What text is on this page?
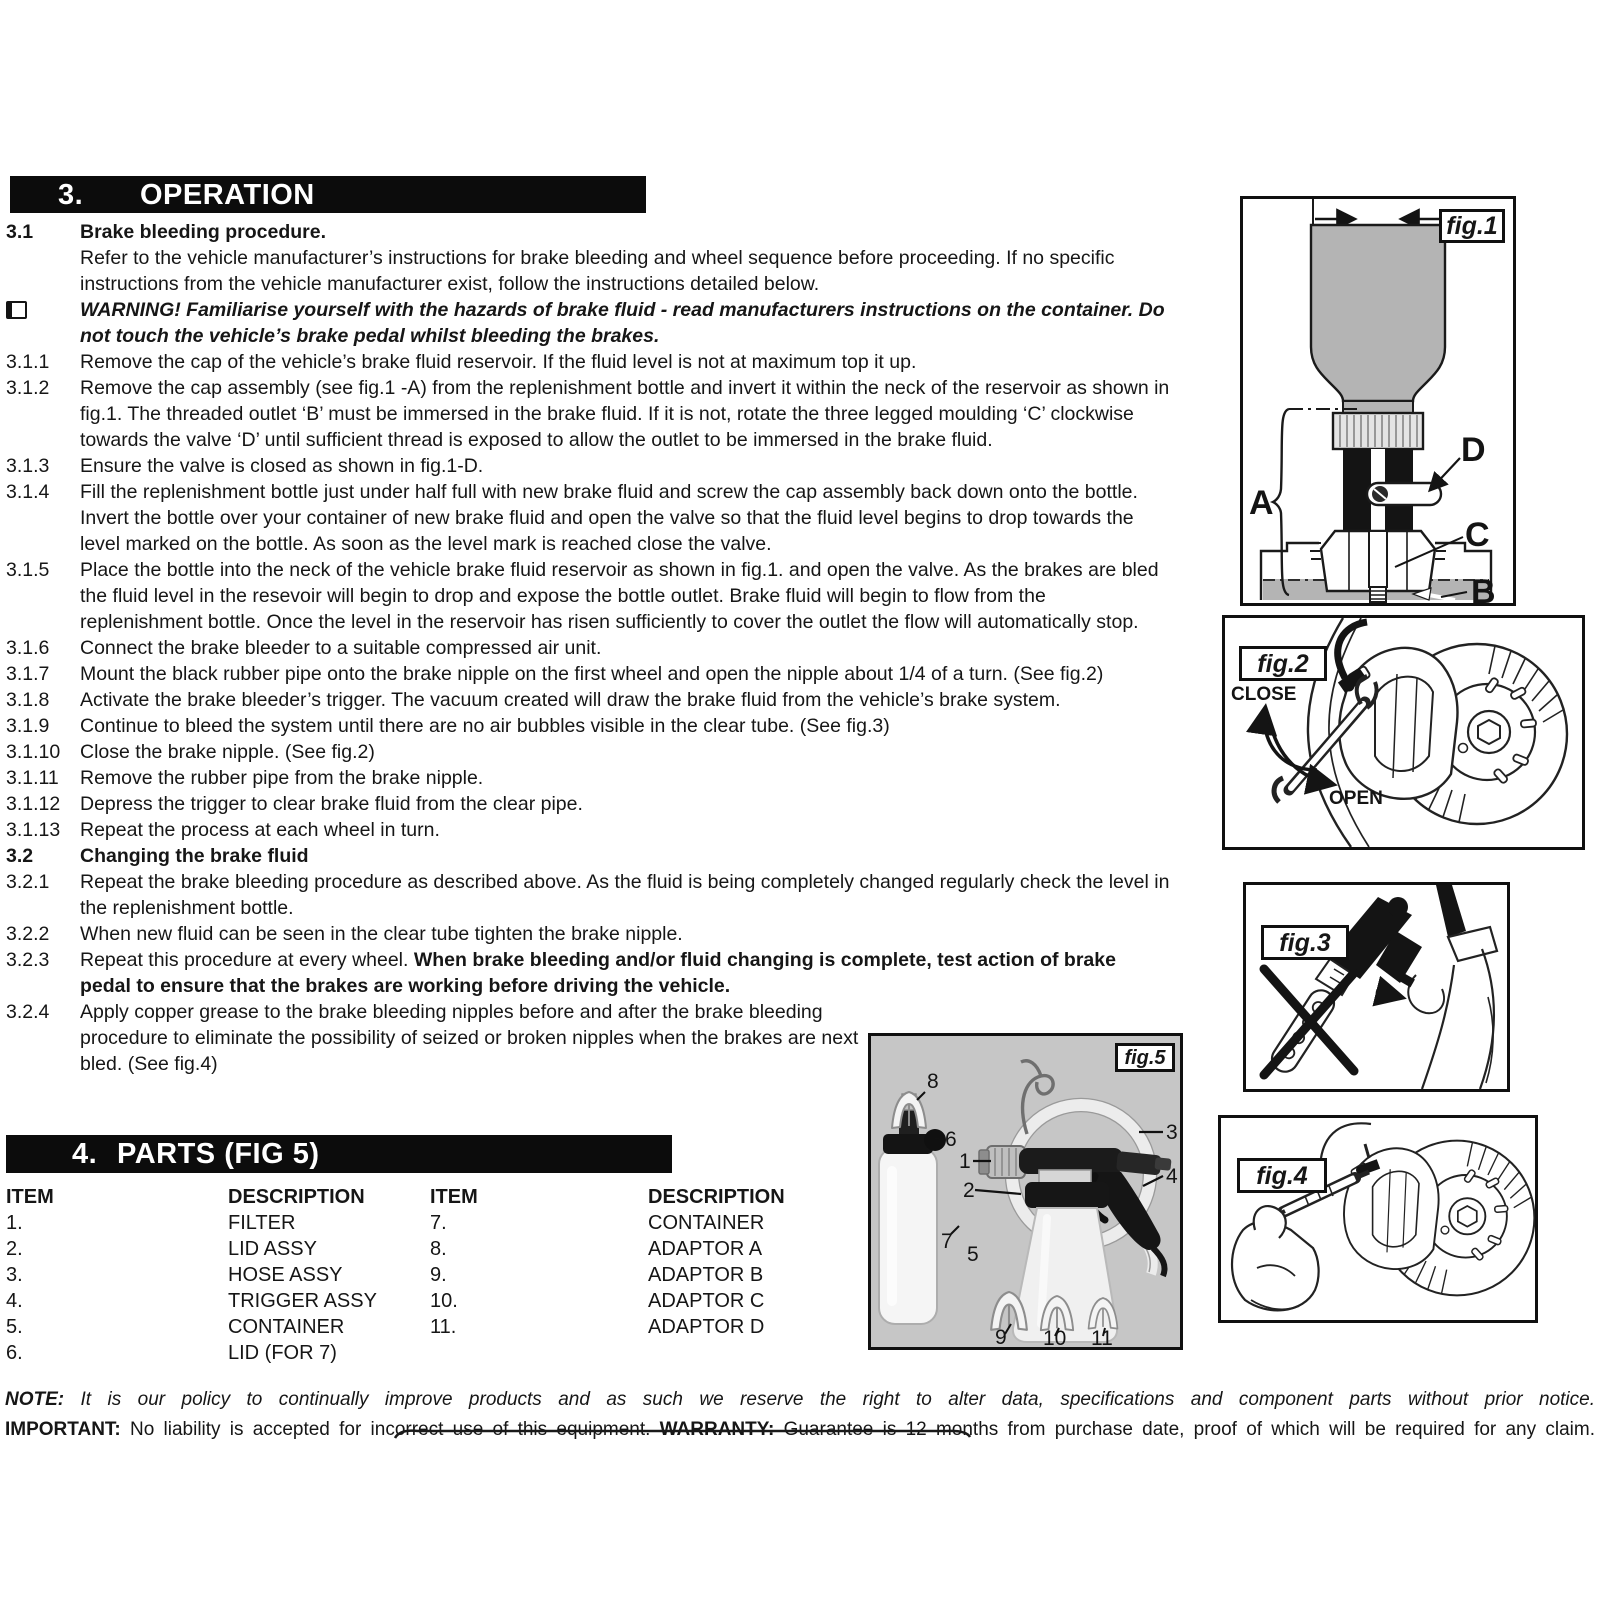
3. OPERATION
3.1	Brake bleeding procedure.
Refer to the vehicle manufacturer’s instructions for brake bleeding and wheel sequence before proceeding. If no specific instructions from the vehicle manufacturer exist, follow the instructions detailed below.
WARNING! Familiarise yourself with the hazards of brake fluid - read manufacturers instructions on the container. Do not touch the vehicle’s brake pedal whilst bleeding the brakes.
3.1.1	Remove the cap of the vehicle’s brake fluid reservoir. If the fluid level is not at maximum top it up.
3.1.2	Remove the cap assembly (see fig.1 -A) from the replenishment bottle and invert it within the neck of the reservoir as shown in fig.1. The threaded outlet ‘B’ must be immersed in the brake fluid. If it is not, rotate the three legged moulding ‘C’ clockwise towards the valve ‘D’ until sufficient thread is exposed to allow the outlet to be immersed in the brake fluid.
3.1.3	Ensure the valve is closed as shown in fig.1-D.
3.1.4	Fill the replenishment bottle just under half full with new brake fluid and screw the cap assembly back down onto the bottle. Invert the bottle over your container of new brake fluid and open the valve so that the fluid level begins to drop towards the level marked on the bottle. As soon as the level mark is reached close the valve.
3.1.5	Place the bottle into the neck of the vehicle brake fluid reservoir as shown in fig.1. and open the valve. As the brakes are bled the fluid level in the resevoir will begin to drop and expose the bottle outlet. Brake fluid will begin to flow from the replenishment bottle. Once the level in the reservoir has risen sufficiently to cover the outlet the flow will automatically stop.
3.1.6	Connect the brake bleeder to a suitable compressed air unit.
3.1.7	Mount the black rubber pipe onto the brake nipple on the first wheel and open the nipple about 1/4 of a turn. (See fig.2)
3.1.8	Activate the brake bleeder’s trigger. The vacuum created will draw the brake fluid from the vehicle’s brake system.
3.1.9	Continue to bleed the system until there are no air bubbles visible in the clear tube. (See fig.3)
3.1.10	Close the brake nipple. (See fig.2)
3.1.11	Remove the rubber pipe from the brake nipple.
3.1.12	Depress the trigger to clear brake fluid from the clear pipe.
3.1.13	Repeat the process at each wheel in turn.
3.2	Changing the brake fluid
3.2.1	Repeat the brake bleeding procedure as described above. As the fluid is being completely changed regularly check the level in the replenishment bottle.
3.2.2	When new fluid can be seen in the clear tube tighten the brake nipple.
3.2.3	Repeat this procedure at every wheel. When brake bleeding and/or fluid changing is complete, test action of brake pedal to ensure that the brakes are working before driving the vehicle.
3.2.4	Apply copper grease to the brake bleeding nipples before and after the brake bleeding procedure to eliminate the possibility of seized or broken nipples when the brakes are next bled. (See fig.4)
4. PARTS (FIG 5)
ITEM	DESCRIPTION	ITEM	DESCRIPTION
1.	FILTER	7.	CONTAINER
2.	LID ASSY	8.	ADAPTOR A
3.	HOSE ASSY	9.	ADAPTOR B
4.	TRIGGER ASSY	10.	ADAPTOR C
5.	CONTAINER	11.	ADAPTOR D
6.	LID (FOR 7)
fig.1
A
B
C
D
fig.2
CLOSE
OPEN
fig.3
fig.4
fig.5
1
2
3
4
5
6
7
8
9 10 11

NOTE: It is our policy to continually improve products and as such we reserve the right to alter data, specifications and component parts without prior notice.

IMPORTANT: No liability is accepted for incorrect use of this equipment. WARRANTY: Guarantee is 12 months from purchase date, proof of which will be required for any claim.
